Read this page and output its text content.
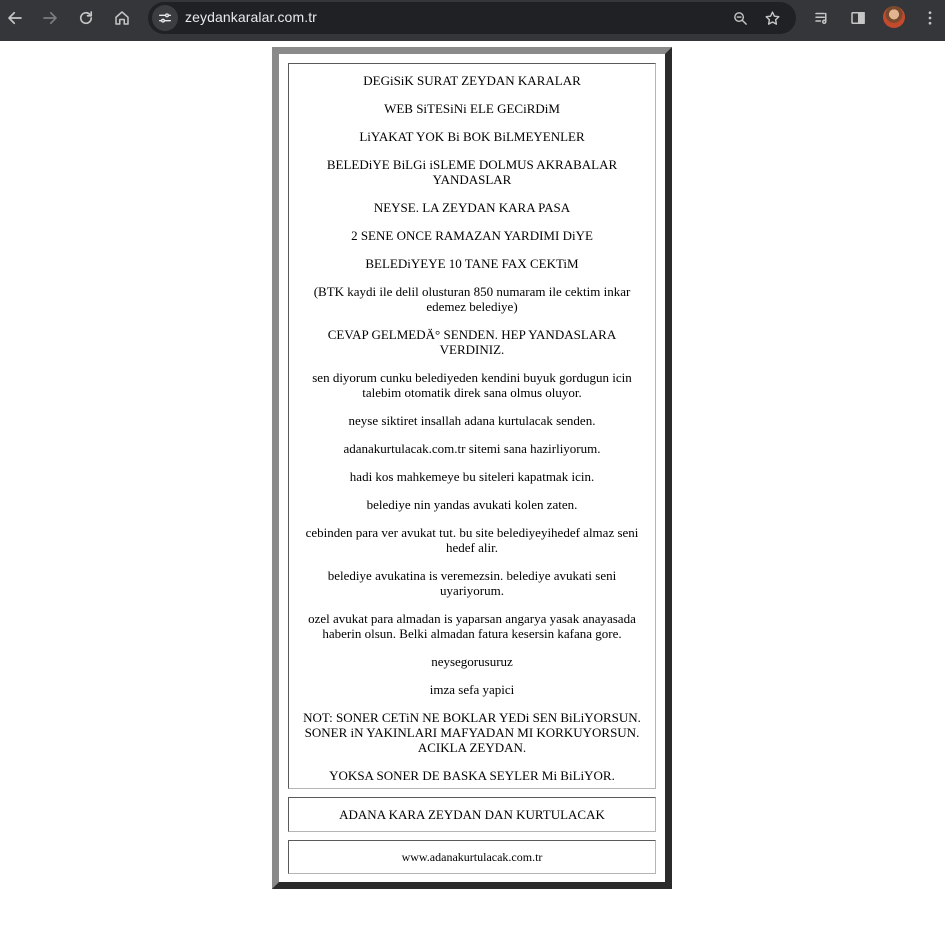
zeydankaralar.com.tr

DEGiSiK SURAT ZEYDAN KARALAR

WEB SiTESiNi ELE GECiRDiM

LiYAKAT YOK Bi BOK BiLMEYENLER

BELEDiYE BiLGi iSLEME DOLMUS AKRABALAR YANDASLAR

NEYSE. LA ZEYDAN KARA PASA

2 SENE ONCE RAMAZAN YARDIMI DiYE

BELEDiYEYE 10 TANE FAX CEKTiM

(BTK kaydi ile delil olusturan 850 numaram ile cektim inkar edemez belediye)

CEVAP GELMEDÄ° SENDEN. HEP YANDASLARA VERDINIZ.

sen diyorum cunku belediyeden kendini buyuk gordugun icin talebim otomatik direk sana olmus oluyor.

neyse siktiret insallah adana kurtulacak senden.

adanakurtulacak.com.tr sitemi sana hazirliyorum.

hadi kos mahkemeye bu siteleri kapatmak icin.

belediye nin yandas avukati kolen zaten.

cebinden para ver avukat tut. bu site belediyeyihedef almaz seni hedef alir.

belediye avukatina is veremezsin. belediye avukati seni uyariyorum.

ozel avukat para almadan is yaparsan angarya yasak anayasada haberin olsun. Belki almadan fatura kesersin kafana gore.

neysegorusuruz

imza sefa yapici

NOT: SONER CETiN NE BOKLAR YEDi SEN BiLiYORSUN. SONER iN YAKINLARI MAFYADAN MI KORKUYORSUN. ACIKLA ZEYDAN.

YOKSA SONER DE BASKA SEYLER Mi BiLiYOR.

ADANA KARA ZEYDAN DAN KURTULACAK
www.adanakurtulacak.com.tr
